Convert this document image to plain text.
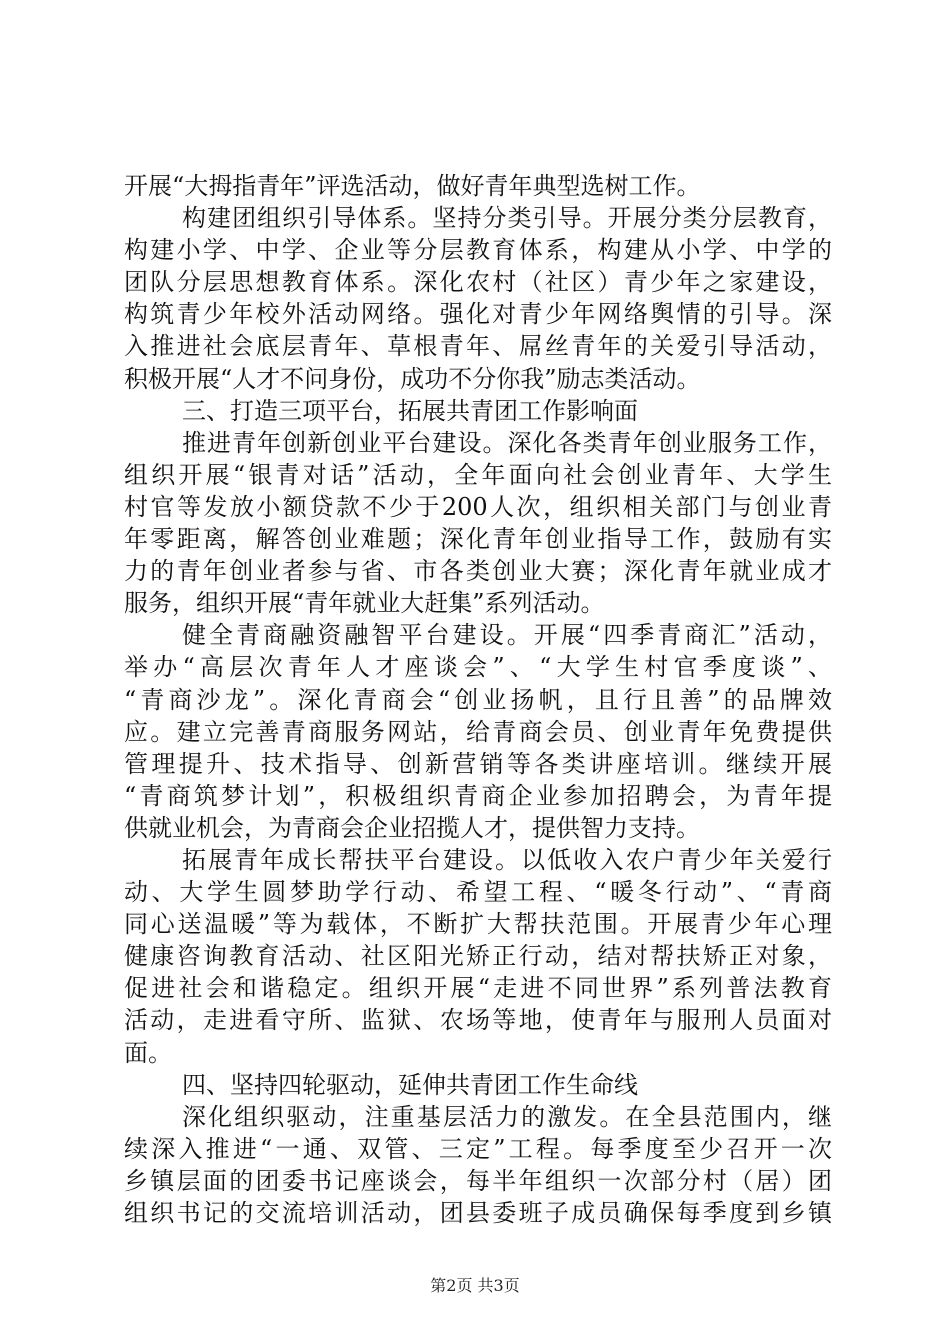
开展“大拇指青年”评选活动，做好青年典型选树工作。
构建团组织引导体系。坚持分类引导。开展分类分层教育，
构建小学、中学、企业等分层教育体系，构建从小学、中学的
团队分层思想教育体系。深化农村（社区）青少年之家建设，
构筑青少年校外活动网络。强化对青少年网络舆情的引导。深
入推进社会底层青年、草根青年、屌丝青年的关爱引导活动，
积极开展“人才不问身份，成功不分你我”励志类活动。
三、打造三项平台，拓展共青团工作影响面
推进青年创新创业平台建设。深化各类青年创业服务工作，
组织开展“银青对话”活动，全年面向社会创业青年、大学生
村官等发放小额贷款不少于200人次，组织相关部门与创业青
年零距离，解答创业难题；深化青年创业指导工作，鼓励有实
力的青年创业者参与省、市各类创业大赛；深化青年就业成才
服务，组织开展“青年就业大赶集”系列活动。
健全青商融资融智平台建设。开展“四季青商汇”活动，
举办“高层次青年人才座谈会”、“大学生村官季度谈”、
“青商沙龙”。深化青商会“创业扬帆，且行且善”的品牌效
应。建立完善青商服务网站，给青商会员、创业青年免费提供
管理提升、技术指导、创新营销等各类讲座培训。继续开展
“青商筑梦计划”，积极组织青商企业参加招聘会，为青年提
供就业机会，为青商会企业招揽人才，提供智力支持。
拓展青年成长帮扶平台建设。以低收入农户青少年关爱行
动、大学生圆梦助学行动、希望工程、“暖冬行动”、“青商
同心送温暖”等为载体，不断扩大帮扶范围。开展青少年心理
健康咨询教育活动、社区阳光矫正行动，结对帮扶矫正对象，
促进社会和谐稳定。组织开展“走进不同世界”系列普法教育
活动，走进看守所、监狱、农场等地，使青年与服刑人员面对
面。
四、坚持四轮驱动，延伸共青团工作生命线
深化组织驱动，注重基层活力的激发。在全县范围内，继
续深入推进“一通、双管、三定”工程。每季度至少召开一次
乡镇层面的团委书记座谈会，每半年组织一次部分村（居）团
组织书记的交流培训活动，团县委班子成员确保每季度到乡镇
第2页 共3页
